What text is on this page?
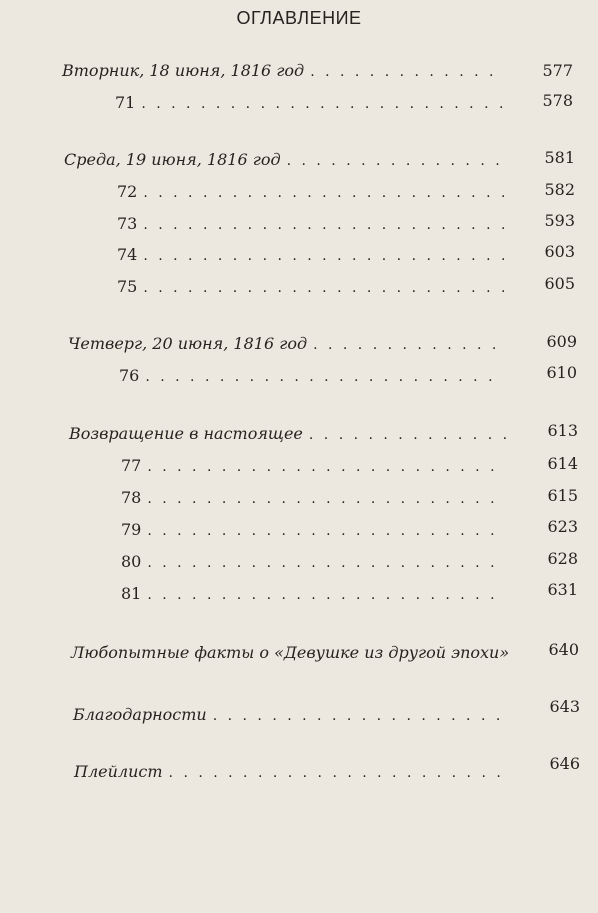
ОГЛАВЛЕНИЕ
Вторник, 18 июня, 1816 год . . .	577
71 . . .	578
Среда, 19 июня, 1816 год . . .	581
72 . . .	582
73 . . .	593
74 . . .	603
75 . . .	605
Четверг, 20 июня, 1816 год . . .	609
76 . . .	610
Возвращение в настоящее . . .	613
77 . . .	614
78 . . .	615
79 . . .	623
80 . . .	628
81 . . .	631
Любопытные факты о «Девушке из другой эпохи»	640
Благодарности . . .	643
Плейлист . . .	646
